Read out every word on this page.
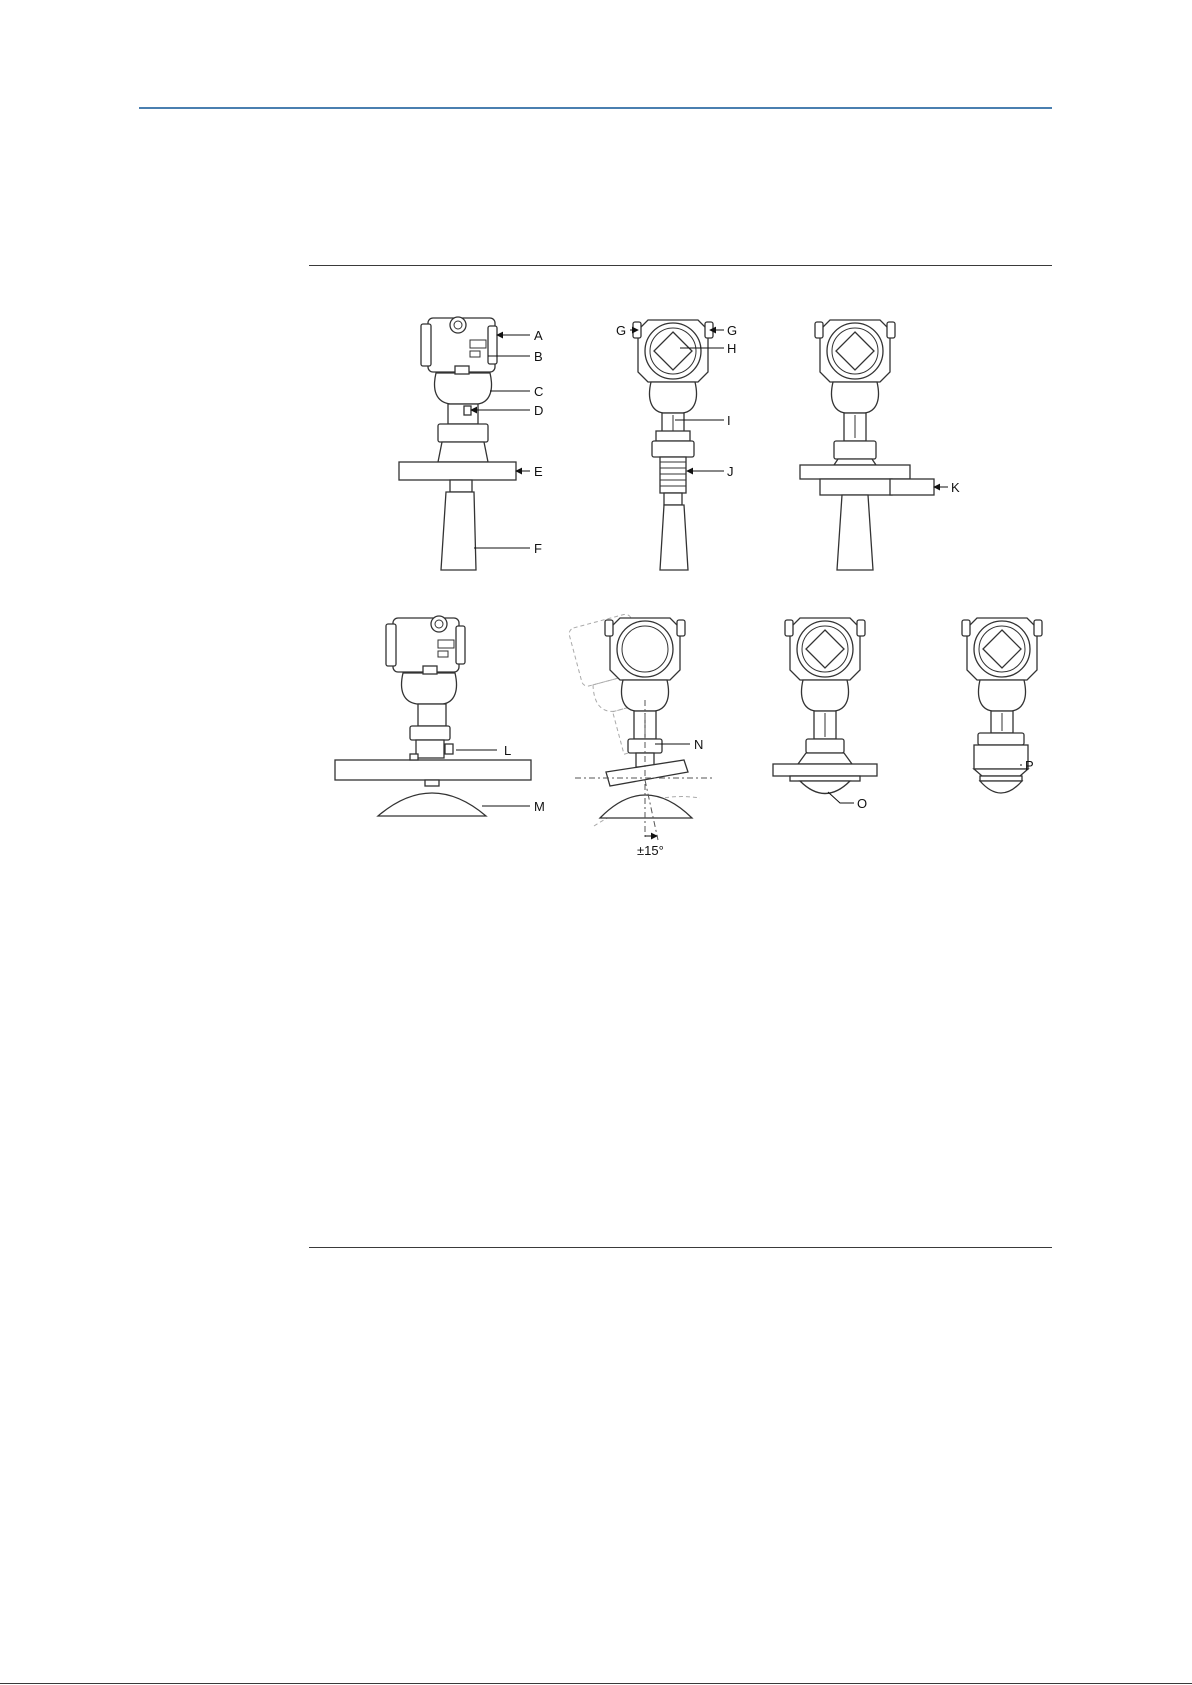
A
B
C
D
E
F
G	G
H
I
J
K
L
M
N
±15°
O
P
